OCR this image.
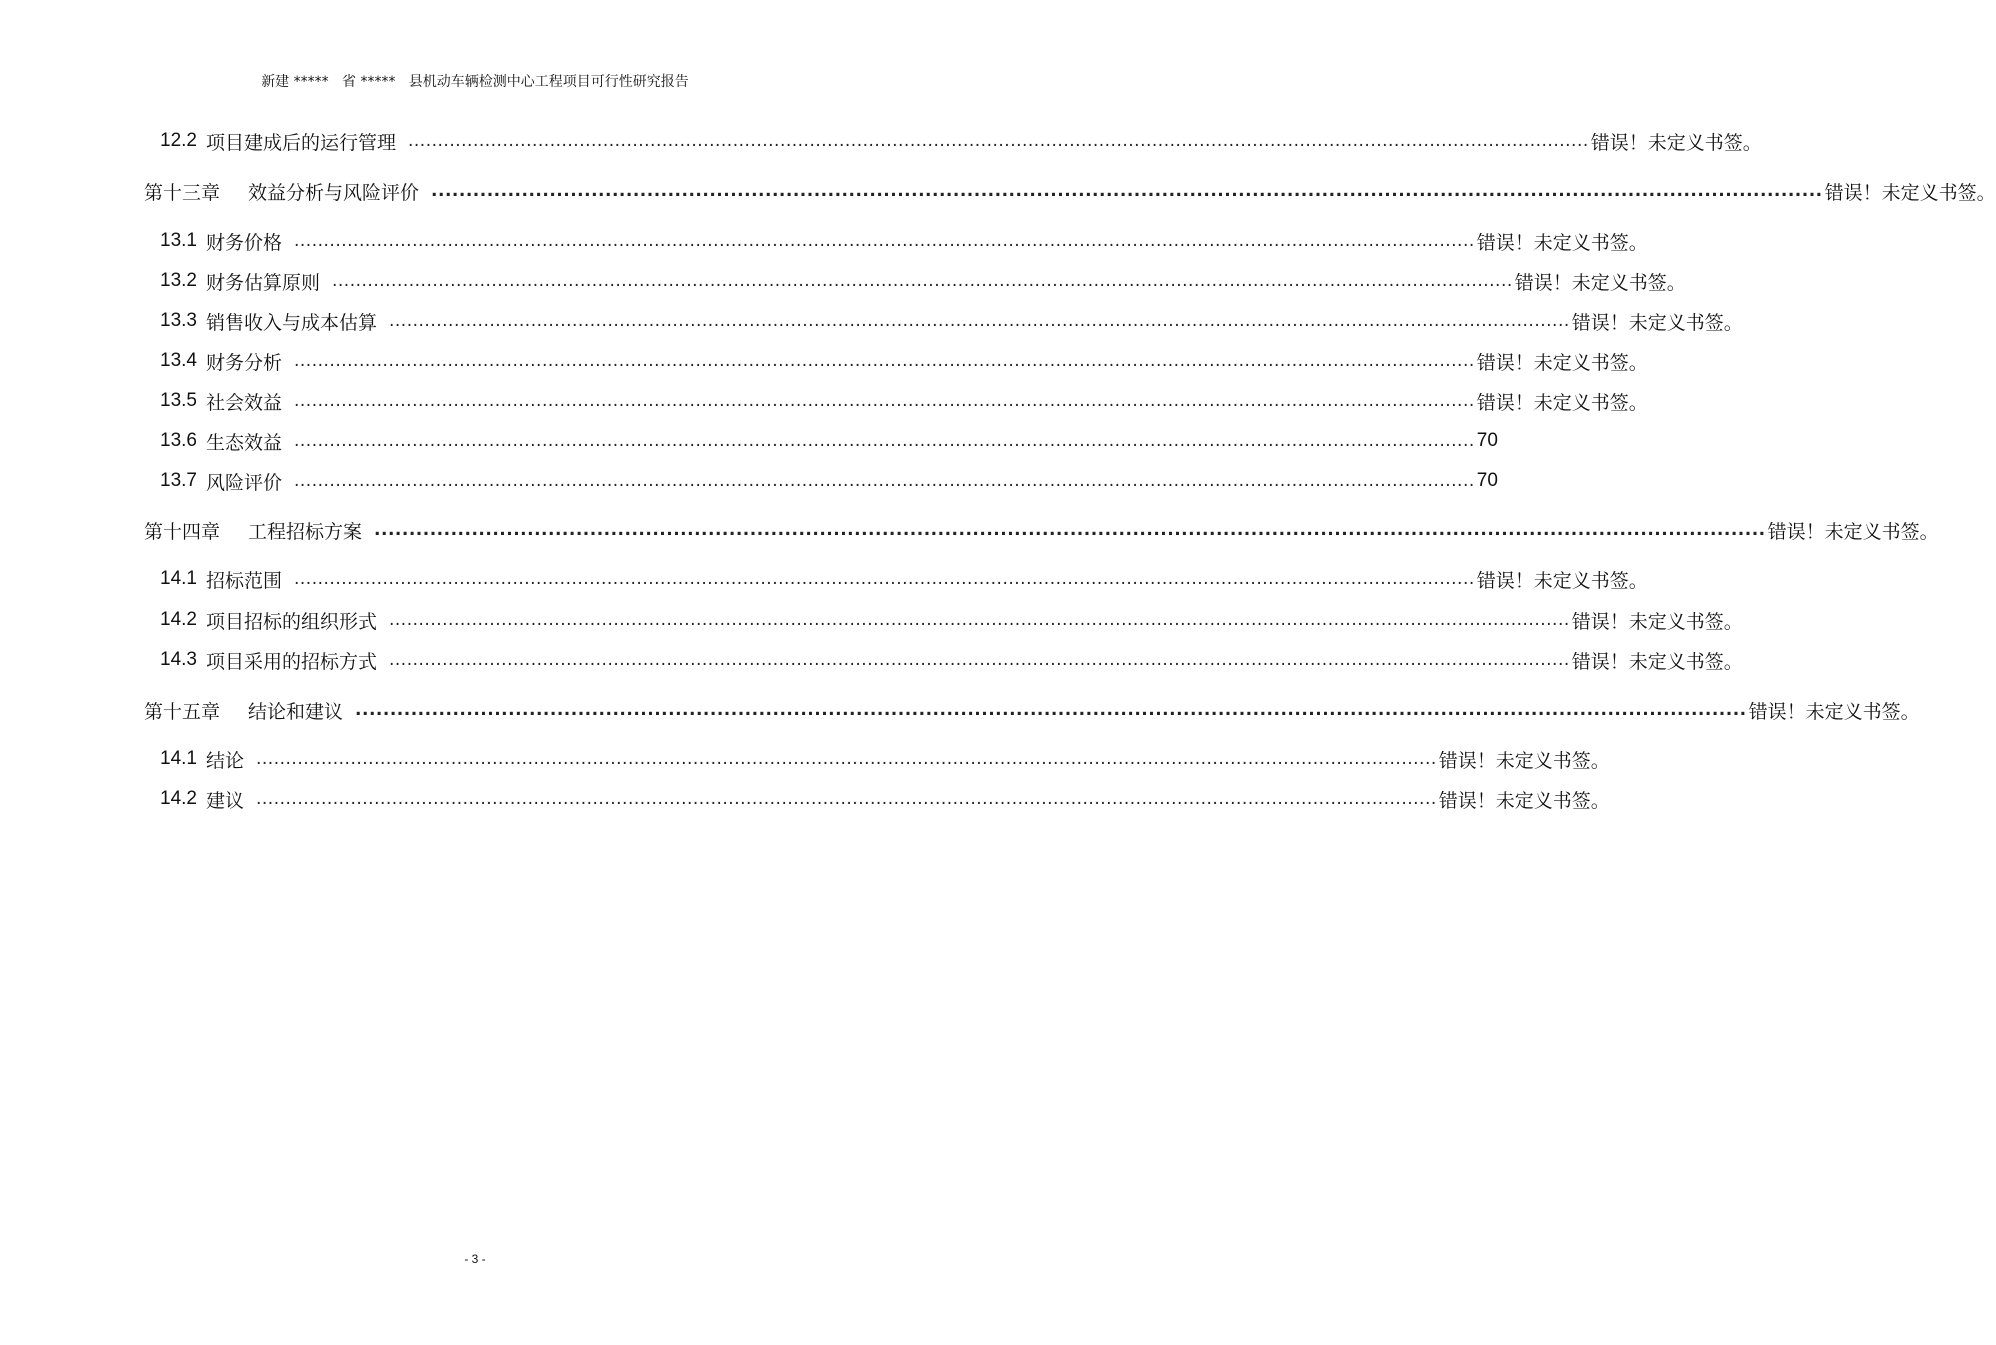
新建 *****   省 *****   县机动车辆检测中心工程项目可行性研究报告
12.2 项目建成后的运行管理 ........................................................................................................................................................................................................ 错误！未定义书签。
第十三章 效益分析与风险评价 ........................................................................................................................................................................................................ 错误！未定义书签。
13.1 财务价格 ........................................................................................................................................................................................................ 错误！未定义书签。
13.2 财务估算原则 ........................................................................................................................................................................................................ 错误！未定义书签。
13.3 销售收入与成本估算 ........................................................................................................................................................................................................ 错误！未定义书签。
13.4 财务分析 ........................................................................................................................................................................................................ 错误！未定义书签。
13.5 社会效益 ........................................................................................................................................................................................................ 错误！未定义书签。
13.6 生态效益 ........................................................................................................................................................................................................ 70
13.7 风险评价 ........................................................................................................................................................................................................ 70
第十四章 工程招标方案 ........................................................................................................................................................................................................ 错误！未定义书签。
14.1 招标范围 ........................................................................................................................................................................................................ 错误！未定义书签。
14.2 项目招标的组织形式 ........................................................................................................................................................................................................ 错误！未定义书签。
14.3 项目采用的招标方式 ........................................................................................................................................................................................................ 错误！未定义书签。
第十五章 结论和建议 ........................................................................................................................................................................................................ 错误！未定义书签。
14.1 结论 ........................................................................................................................................................................................................ 错误！未定义书签。
14.2 建议 ........................................................................................................................................................................................................ 错误！未定义书签。
- 3 -
